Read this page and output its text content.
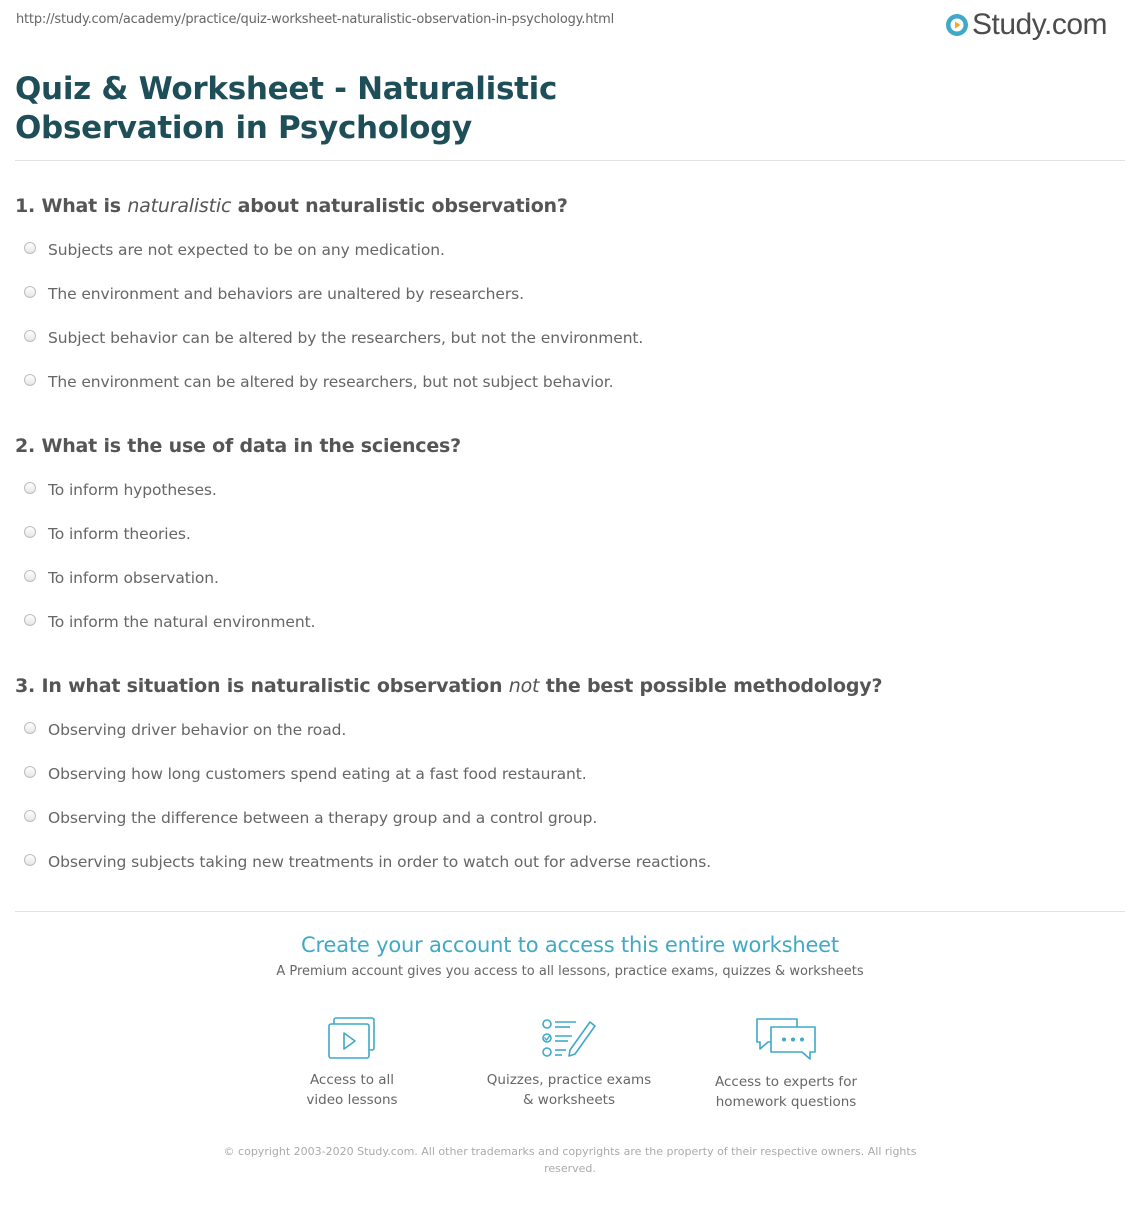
http://study.com/academy/practice/quiz-worksheet-naturalistic-observation-in-psychology.html	Study.com
Quiz & Worksheet - Naturalistic Observation in Psychology
1. What is naturalistic about naturalistic observation?
Subjects are not expected to be on any medication.
The environment and behaviors are unaltered by researchers.
Subject behavior can be altered by the researchers, but not the environment.
The environment can be altered by researchers, but not subject behavior.
2. What is the use of data in the sciences?
To inform hypotheses.
To inform theories.
To inform observation.
To inform the natural environment.
3. In what situation is naturalistic observation not the best possible methodology?
Observing driver behavior on the road.
Observing how long customers spend eating at a fast food restaurant.
Observing the difference between a therapy group and a control group.
Observing subjects taking new treatments in order to watch out for adverse reactions.
Create your account to access this entire worksheet
A Premium account gives you access to all lessons, practice exams, quizzes & worksheets
Access to all
video lessons
Quizzes, practice exams
& worksheets
Access to experts for
homework questions
© copyright 2003-2020 Study.com. All other trademarks and copyrights are the property of their respective owners. All rights reserved.
